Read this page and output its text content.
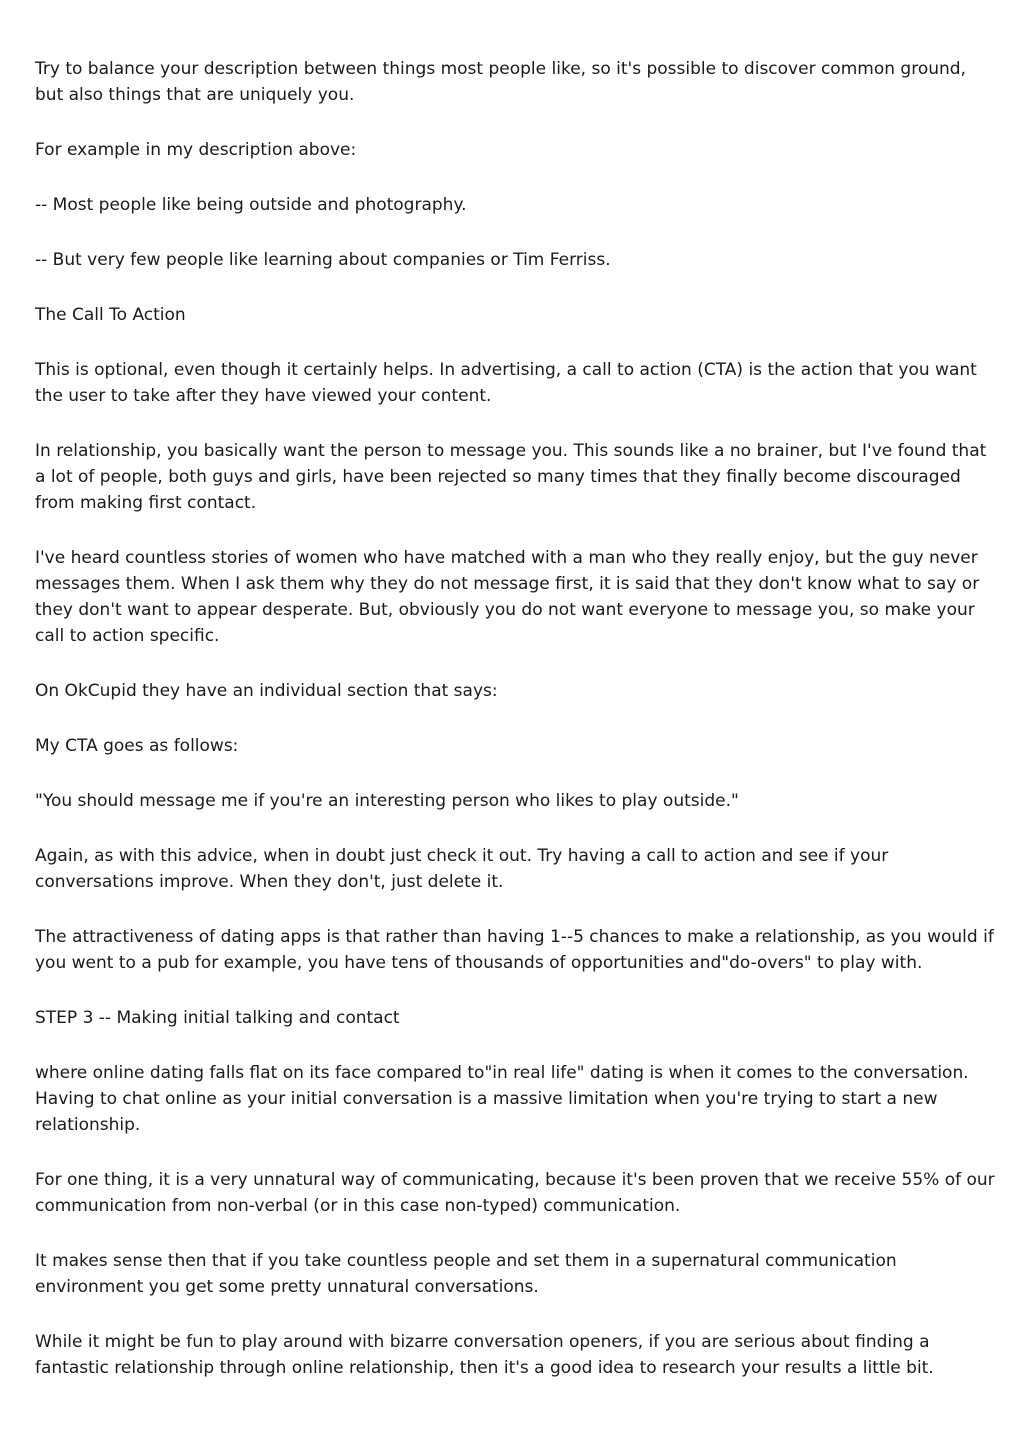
Try to balance your description between things most people like, so it's possible to discover common ground, but also things that are uniquely you.

For example in my description above:

-- Most people like being outside and photography.

-- But very few people like learning about companies or Tim Ferriss.

The Call To Action

This is optional, even though it certainly helps. In advertising, a call to action (CTA) is the action that you want the user to take after they have viewed your content.

In relationship, you basically want the person to message you. This sounds like a no brainer, but I've found that a lot of people, both guys and girls, have been rejected so many times that they finally become discouraged from making first contact.

I've heard countless stories of women who have matched with a man who they really enjoy, but the guy never messages them. When I ask them why they do not message first, it is said that they don't know what to say or they don't want to appear desperate. But, obviously you do not want everyone to message you, so make your call to action specific.

On OkCupid they have an individual section that says:

My CTA goes as follows:

"You should message me if you're an interesting person who likes to play outside."

Again, as with this advice, when in doubt just check it out. Try having a call to action and see if your conversations improve. When they don't, just delete it.

The attractiveness of dating apps is that rather than having 1--5 chances to make a relationship, as you would if you went to a pub for example, you have tens of thousands of opportunities and"do-overs" to play with.

STEP 3 -- Making initial talking and contact

where online dating falls flat on its face compared to"in real life" dating is when it comes to the conversation. Having to chat online as your initial conversation is a massive limitation when you're trying to start a new relationship.

For one thing, it is a very unnatural way of communicating, because it's been proven that we receive 55% of our communication from non-verbal (or in this case non-typed) communication.

It makes sense then that if you take countless people and set them in a supernatural communication environment you get some pretty unnatural conversations.

While it might be fun to play around with bizarre conversation openers, if you are serious about finding a fantastic relationship through online relationship, then it's a good idea to research your results a little bit.
